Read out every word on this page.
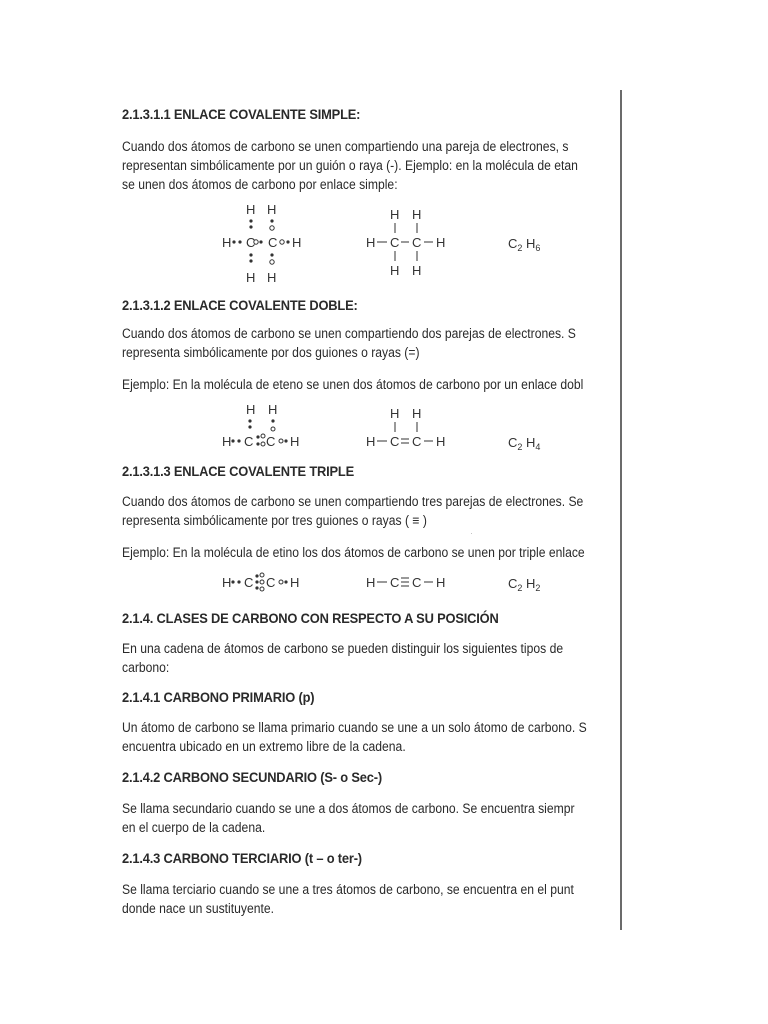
2.1.3.1.1 ENLACE COVALENTE SIMPLE:
Cuando dos átomos de carbono se unen compartiendo una pareja de electrones, s
representan simbólicamente por un guión o raya (-). Ejemplo: en la molécula de etan
se unen dos átomos de carbono por enlace simple:
H H
H C C H
H H
H H
H C C H
H H
$C_2$ $H_6$
2.1.3.1.2 ENLACE COVALENTE DOBLE:
Cuando dos átomos de carbono se unen compartiendo dos parejas de electrones. S
representa simbólicamente por dos guiones o rayas (=)
Ejemplo: En la molécula de eteno se unen dos átomos de carbono por un enlace dobl
H H
H C C H
H H
H C C H	$C_2$ $H_4$
2.1.3.1.3 ENLACE COVALENTE TRIPLE
Cuando dos átomos de carbono se unen compartiendo tres parejas de electrones. Se
representa simbólicamente por tres guiones o rayas ( ≡ )
·
Ejemplo: En la molécula de etino los dos átomos de carbono se unen por triple enlace
H C C H	H C C H	$C_2$ $H_2$
2.1.4. CLASES DE CARBONO CON RESPECTO A SU POSICIÓN
En una cadena de átomos de carbono se pueden distinguir los siguientes tipos de
carbono:
2.1.4.1 CARBONO PRIMARIO (p)
Un átomo de carbono se llama primario cuando se une a un solo átomo de carbono. S
encuentra ubicado en un extremo libre de la cadena.
2.1.4.2 CARBONO SECUNDARIO (S- o Sec-)
Se llama secundario cuando se une a dos átomos de carbono. Se encuentra siempr
en el cuerpo de la cadena.
2.1.4.3 CARBONO TERCIARIO (t – o ter-)
Se llama terciario cuando se une a tres átomos de carbono, se encuentra en el punt
donde nace un sustituyente.
